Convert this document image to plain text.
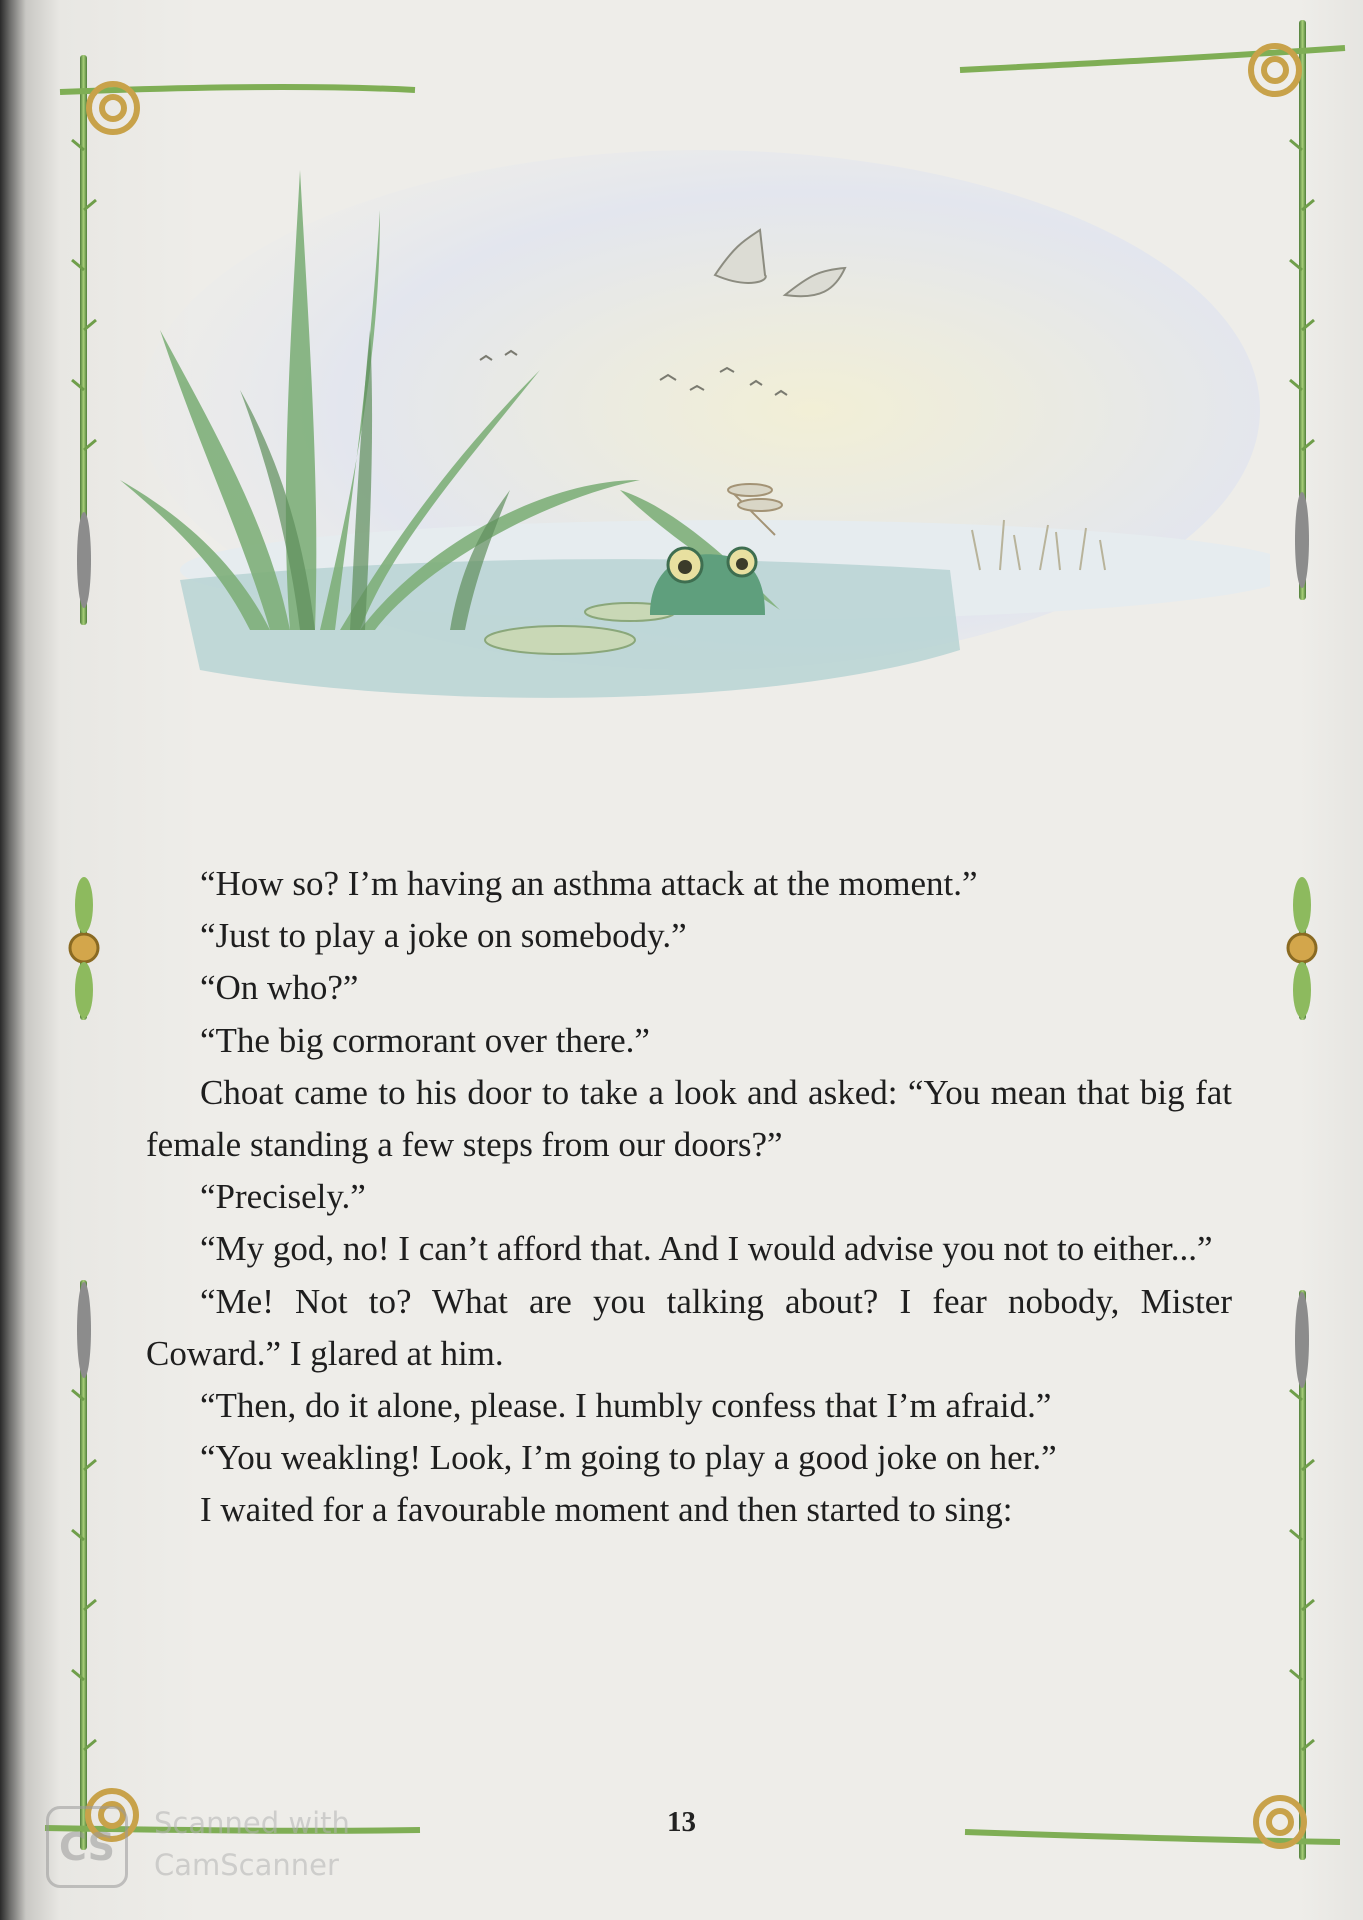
“How so? I’m having an asthma attack at the moment.”

“Just to play a joke on somebody.”

“On who?”

“The big cormorant over there.”

Choat came to his door to take a look and asked: “You mean that big fat female standing a few steps from our doors?”

“Precisely.”

“My god, no! I can’t afford that. And I would advise you not to either...”

“Me! Not to? What are you talking about? I fear nobody, Mister Coward.” I glared at him.

“Then, do it alone, please. I humbly confess that I’m afraid.”

“You weakling! Look, I’m going to play a good joke on her.”

I waited for a favourable moment and then started to sing:

13
CS
Scanned with
CamScanner
